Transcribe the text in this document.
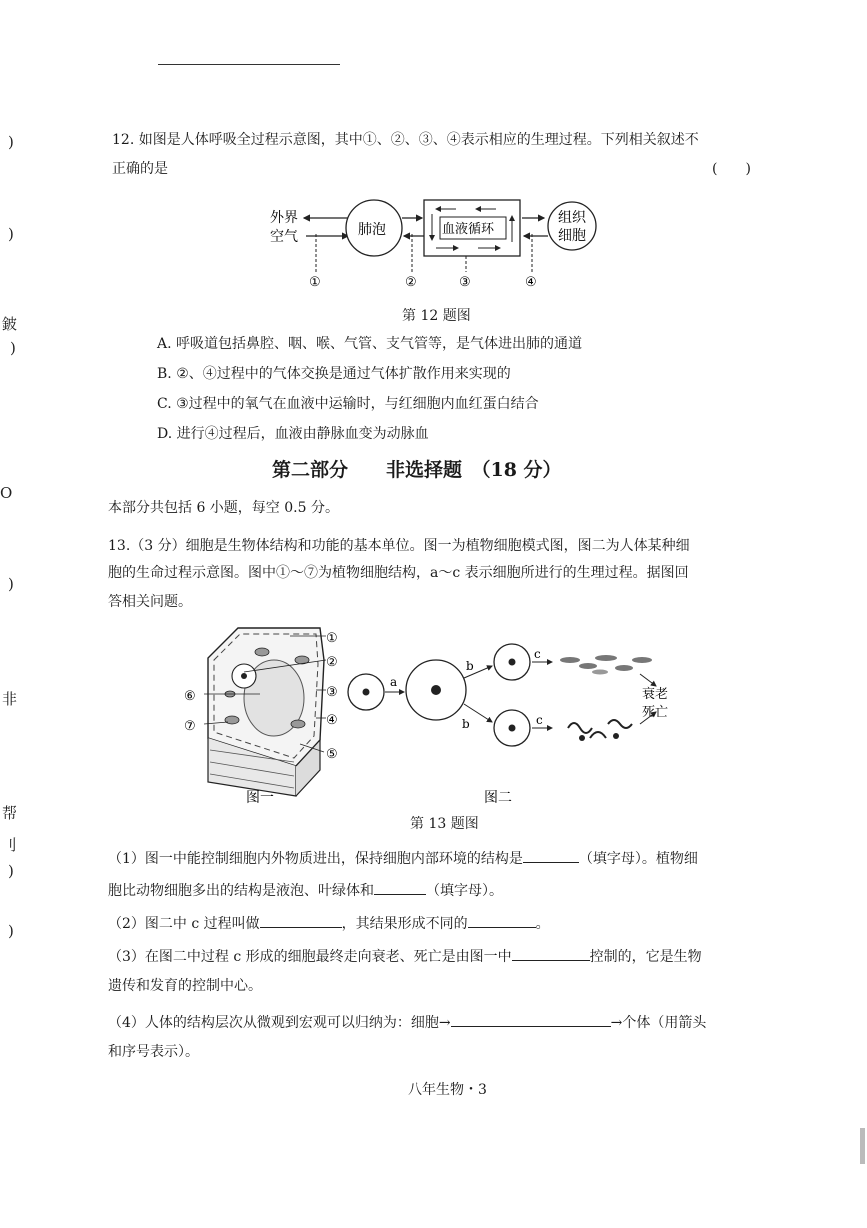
)
)
鈹
)
O
)
非
帮
刂
)
)
12. 如图是人体呼吸全过程示意图，其中①、②、③、④表示相应的生理过程。下列相关叙述不
正确的是	(　　)
外界
空气	肺泡	血液循环
组织
细胞
①	②	③	④
第 12 题图
A. 呼吸道包括鼻腔、咽、喉、气管、支气管等，是气体进出肺的通道
B. ②、④过程中的气体交换是通过气体扩散作用来实现的
C. ③过程中的氧气在血液中运输时，与红细胞内血红蛋白结合
D. 进行④过程后，血液由静脉血变为动脉血
第二部分　　非选择题　（18 分）
本部分共包括 6 小题，每空 0.5 分。
13.（3 分）细胞是生物体结构和功能的基本单位。图一为植物细胞模式图，图二为人体某种细
胞的生命过程示意图。图中①～⑦为植物细胞结构，a～c 表示细胞所进行的生理过程。据图回
答相关问题。
①
②
③
④
⑤
⑥
⑦
a
b
b
c
c
衰老
死亡
图一	图二
第 13 题图
（1）图一中能控制细胞内外物质进出，保持细胞内部环境的结构是	（填字母）。植物细
胞比动物细胞多出的结构是液泡、叶绿体和	（填字母）。
（2）图二中 c 过程叫做	，其结果形成不同的	。
（3）在图二中过程 c 形成的细胞最终走向衰老、死亡是由图一中	控制的，它是生物
遗传和发育的控制中心。
（4）人体的结构层次从微观到宏观可以归纳为：细胞→	→个体（用箭头
和序号表示）。
八年生物・3
